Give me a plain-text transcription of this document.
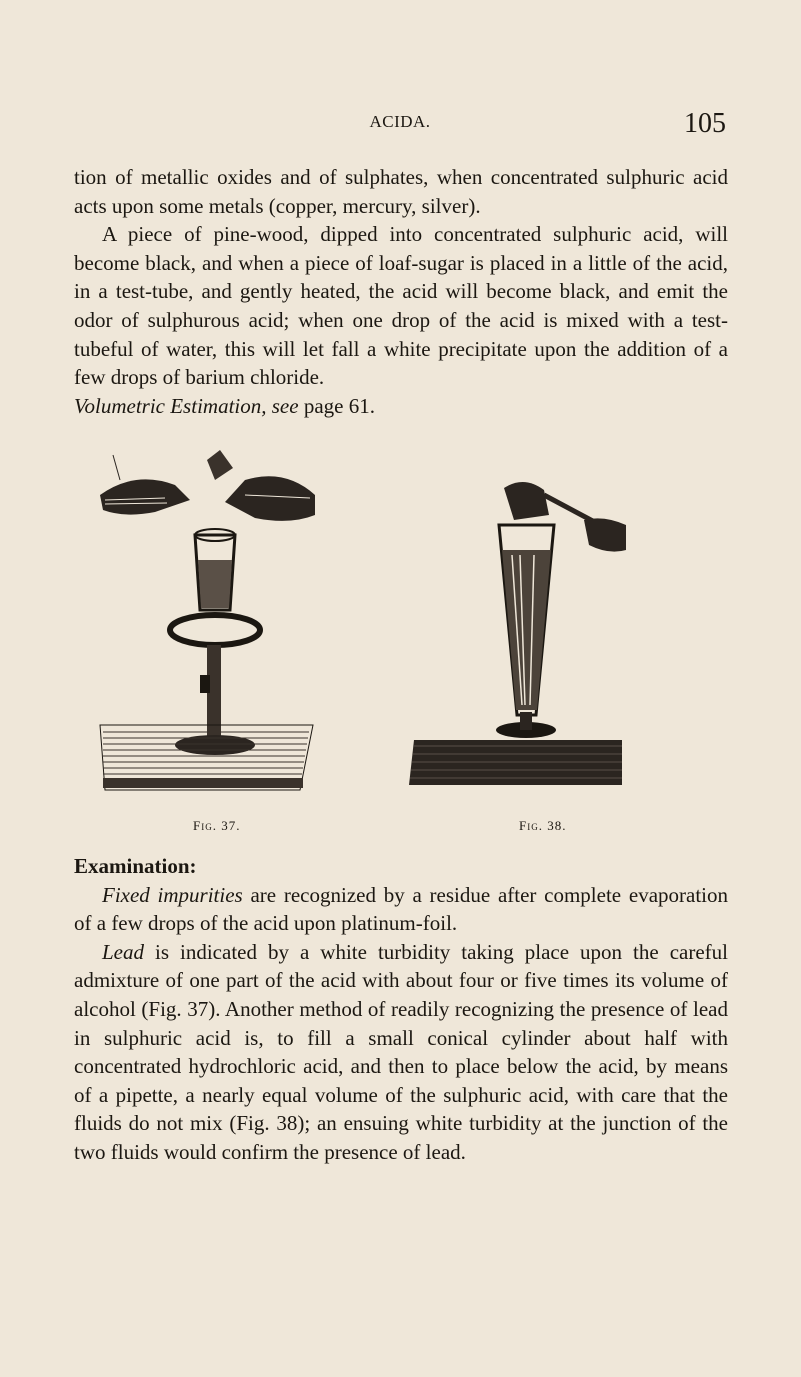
ACIDA.	105

tion of metallic oxides and of sulphates, when concentrated sulphuric acid acts upon some metals (copper, mercury, silver).

A piece of pine-wood, dipped into concentrated sulphuric acid, will become black, and when a piece of loaf-sugar is placed in a little of the acid, in a test-tube, and gently heated, the acid will become black, and emit the odor of sulphurous acid; when one drop of the acid is mixed with a test-tubeful of water, this will let fall a white precipitate upon the addition of a few drops of barium chloride.

Volumetric Estimation, see page 61.

Fig. 37.	Fig. 38.

Examination:

Fixed impurities are recognized by a residue after complete evaporation of a few drops of the acid upon platinum-foil.

Lead is indicated by a white turbidity taking place upon the careful admixture of one part of the acid with about four or five times its volume of alcohol (Fig. 37). Another method of readily recognizing the presence of lead in sulphuric acid is, to fill a small conical cylinder about half with concentrated hydrochloric acid, and then to place below the acid, by means of a pipette, a nearly equal volume of the sulphuric acid, with care that the fluids do not mix (Fig. 38); an ensuing white turbidity at the junction of the two fluids would confirm the presence of lead.
